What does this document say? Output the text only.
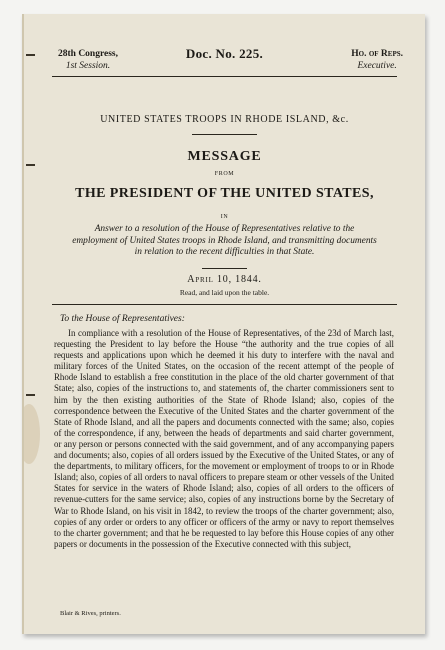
28th Congress,
1st Session.
Doc. No. 225.	Ho. of Reps.
Executive.
UNITED STATES TROOPS IN RHODE ISLAND, &c.
MESSAGE
FROM
THE PRESIDENT OF THE UNITED STATES,
IN
Answer to a resolution of the House of Representatives relative to the employment of United States troops in Rhode Island, and transmitting documents in relation to the recent difficulties in that State.
April 10, 1844.
Read, and laid upon the table.
To the House of Representatives:

In compliance with a resolution of the House of Representatives, of the 23d of March last, requesting the President to lay before the House “the authority and the true copies of all requests and applications upon which he deemed it his duty to interfere with the naval and military forces of the United States, on the occasion of the recent attempt of the people of Rhode Island to establish a free constitution in the place of the old charter government of that State; also, copies of the instructions to, and statements of, the charter commissioners sent to him by the then existing authorities of the State of Rhode Island; also, copies of the correspondence between the Executive of the United States and the charter government of the State of Rhode Island, and all the papers and documents connected with the same; also, copies of the correspondence, if any, between the heads of departments and said charter government, or any person or persons connected with the said government, and of any accompanying papers and documents; also, copies of all orders issued by the Executive of the United States, or any of the departments, to military officers, for the movement or employment of troops to or in Rhode Island; also, copies of all orders to naval officers to prepare steam or other vessels of the United States for service in the waters of Rhode Island; also, copies of all orders to the officers of revenue-cutters for the same service; also, copies of any instructions borne by the Secretary of War to Rhode Island, on his visit in 1842, to review the troops of the charter government; also, copies of any order or orders to any officer or officers of the army or navy to report themselves to the charter government; and that he be requested to lay before this House copies of any other papers or documents in the possession of the Executive connected with this subject,

Blair & Rives, printers.
